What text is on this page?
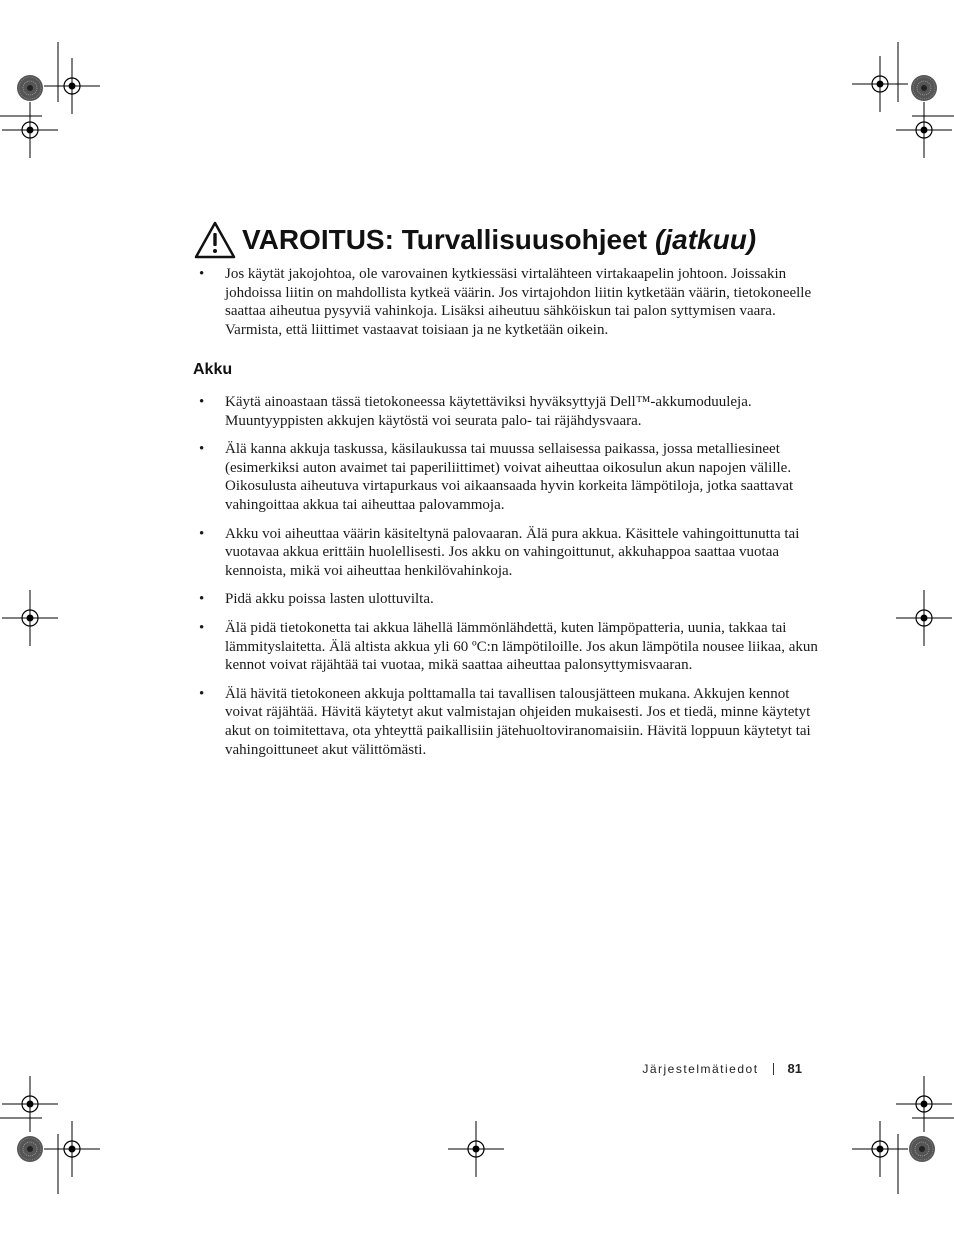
VAROITUS: Turvallisuusohjeet (jatkuu)
•	Jos käytät jakojohtoa, ole varovainen kytkiessäsi virtalähteen virtakaapelin johtoon. Joissakin johdoissa liitin on mahdollista kytkeä väärin. Jos virtajohdon liitin kytketään väärin, tietokoneelle saattaa aiheutua pysyviä vahinkoja. Lisäksi aiheutuu sähköiskun tai palon syttymisen vaara. Varmista, että liittimet vastaavat toisiaan ja ne kytketään oikein.
Akku
•	Käytä ainoastaan tässä tietokoneessa käytettäviksi hyväksyttyjä Dell™-akkumoduuleja. Muuntyyppisten akkujen käytöstä voi seurata palo- tai räjähdysvaara.
•	Älä kanna akkuja taskussa, käsilaukussa tai muussa sellaisessa paikassa, jossa metalliesineet (esimerkiksi auton avaimet tai paperiliittimet) voivat aiheuttaa oikosulun akun napojen välille. Oikosulusta aiheutuva virtapurkaus voi aikaansaada hyvin korkeita lämpötiloja, jotka saattavat vahingoittaa akkua tai aiheuttaa palovammoja.
•	Akku voi aiheuttaa väärin käsiteltynä palovaaran. Älä pura akkua. Käsittele vahingoittunutta tai vuotavaa akkua erittäin huolellisesti. Jos akku on vahingoittunut, akkuhappoa saattaa vuotaa kennoista, mikä voi aiheuttaa henkilövahinkoja.
•	Pidä akku poissa lasten ulottuvilta.
•	Älä pidä tietokonetta tai akkua lähellä lämmönlähdettä, kuten lämpöpatteria, uunia, takkaa tai lämmityslaitetta. Älä altista akkua yli 60 ºC:n lämpötiloille. Jos akun lämpötila nousee liikaa, akun kennot voivat räjähtää tai vuotaa, mikä saattaa aiheuttaa palonsyttymisvaaran.
•	Älä hävitä tietokoneen akkuja polttamalla tai tavallisen talousjätteen mukana. Akkujen kennot voivat räjähtää. Hävitä käytetyt akut valmistajan ohjeiden mukaisesti. Jos et tiedä, minne käytetyt akut on toimitettava, ota yhteyttä paikallisiin jätehuoltoviranomaisiin. Hävitä loppuun käytetyt tai vahingoittuneet akut välittömästi.
Järjestelmätiedot 81
